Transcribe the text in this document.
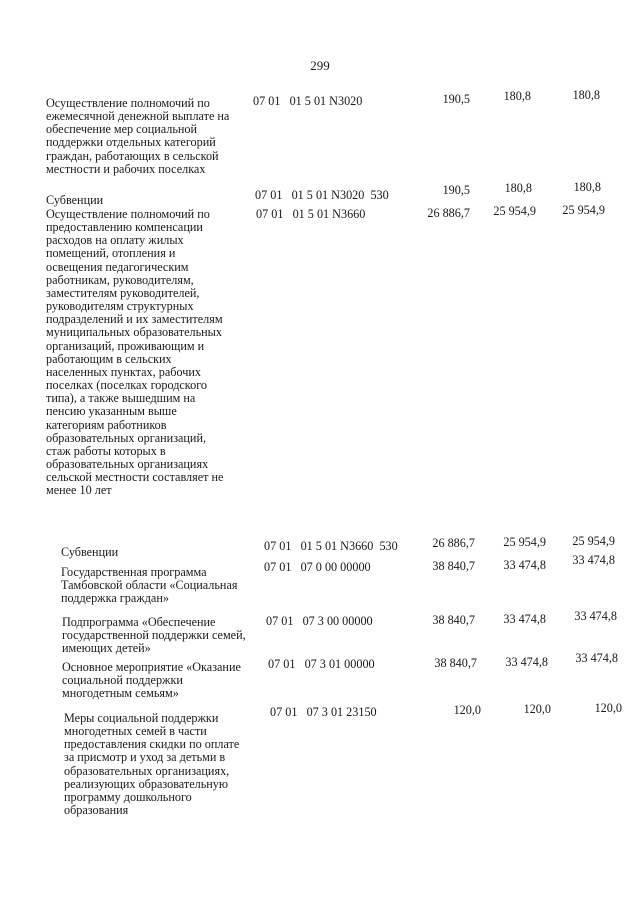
299
Осуществление полномочий по
ежемесячной денежной выплате на
обеспечение мер социальной
поддержки отдельных категорий
граждан, работающих в сельской
местности и рабочих поселках
07 01   01 5 01 N3020	190,5	180,8	180,8
Субвенции	07 01   01 5 01 N3020  530	190,5	180,8	180,8
Осуществление полномочий по
предоставлению компенсации
расходов на оплату жилых
помещений, отопления и
освещения педагогическим
работникам, руководителям,
заместителям руководителей,
руководителям структурных
подразделений и их заместителям
муниципальных образовательных
организаций, проживающим и
работающим в сельских
населенных пунктах, рабочих
поселках (поселках городского
типа), а также вышедшим на
пенсию указанным выше
категориям работников
образовательных организаций,
стаж работы которых в
образовательных организациях
сельской местности составляет не
менее 10 лет
07 01   01 5 01 N3660	26 886,7	25 954,9	25 954,9
Субвенции	07 01   01 5 01 N3660  530	26 886,7	25 954,9	25 954,9
Государственная программа
Тамбовской области «Социальная
поддержка граждан»
07 01   07 0 00 00000	38 840,7	33 474,8	33 474,8
Подпрограмма «Обеспечение
государственной поддержки семей,
имеющих детей»
07 01   07 3 00 00000	38 840,7	33 474,8	33 474,8
Основное мероприятие «Оказание
социальной поддержки
многодетным семьям»
07 01   07 3 01 00000	38 840,7	33 474,8	33 474,8
Меры социальной поддержки
многодетных семей в части
предоставления скидки по оплате
за присмотр и уход за детьми в
образовательных организациях,
реализующих образовательную
программу дошкольного
образования
07 01   07 3 01 23150	120,0	120,0	120,0
